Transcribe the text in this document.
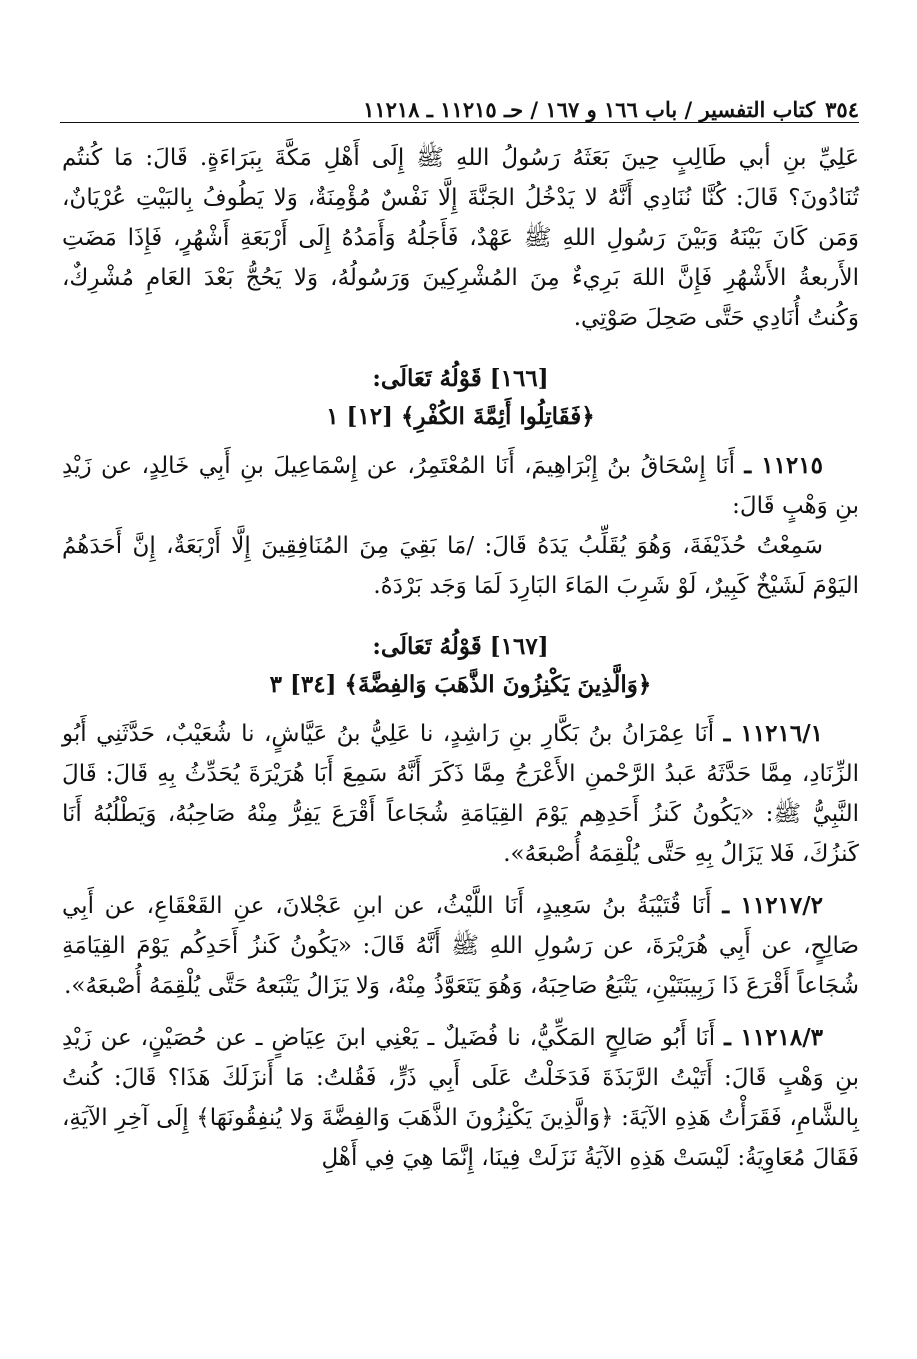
٣٥٤
كتاب التفسير / باب ١٦٦ و ١٦٧ / حـ ١١٢١٥ ـ ١١٢١٨

عَلِيِّ بنِ أبي طَالِبٍ حِينَ بَعَثَهُ رَسُولُ اللهِ ﷺ إِلَى أَهْلِ مَكَّةَ بِبَرَاءَةٍ. قَالَ: مَا كُنتُم تُنَادُونَ؟ قَالَ: كُنَّا نُنَادِي أَنَّهُ لا يَدْخُلُ الجَنَّةَ إِلَّا نَفْسٌ مُؤْمِنَةٌ، وَلا يَطُوفُ بِالبَيْتِ عُرْيَانٌ، وَمَن كَانَ بَيْنَهُ وَبَيْنَ رَسُولِ اللهِ ﷺ عَهْدٌ، فَأَجَلُهُ وَأَمَدُهُ إِلَى أَرْبَعَةِ أَشْهُرٍ، فَإِذَا مَضَتِ الأَربعةُ الأَشْهُرِ فَإِنَّ اللهَ بَرِيءٌ مِنَ المُشْرِكِينَ وَرَسُولُهُ، وَلا يَحُجُّ بَعْدَ العَامِ مُشْرِكٌ، وَكُنتُ أُنَادِي حَتَّى صَحِلَ صَوْتِي.

[١٦٦] قَوْلُهُ تَعَالَى:
﴿فَقَاتِلُوا أَئِمَّةَ الكُفْرِ﴾ [١٢] ١

١١٢١٥ ـ أَنَا إِسْحَاقُ بنُ إِبْرَاهِيمَ، أَنَا المُعْتَمِرُ، عن إِسْمَاعِيلَ بنِ أَبِي خَالِدٍ، عن زَيْدِ بنِ وَهْبٍ قَالَ:

سَمِعْتُ حُذَيْفَةَ، وَهُوَ يُقَلِّبُ يَدَهُ قَالَ: /مَا بَقِيَ مِنَ المُنَافِقِينَ إِلَّا أَرْبَعَةٌ، إِنَّ أَحَدَهُمُ اليَوْمَ لَشَيْخٌ كَبِيرٌ، لَوْ شَرِبَ المَاءَ البَارِدَ لَمَا وَجَد بَرْدَهُ.

[١٦٧] قَوْلُهُ تَعَالَى:
﴿وَالَّذِينَ يَكْنِزُونَ الذَّهَبَ وَالفِضَّةَ﴾ [٣٤] ٣

١١٢١٦/١ ـ أَنَا عِمْرَانُ بنُ بَكَّارِ بنِ رَاشِدٍ، نا عَلِيُّ بنُ عَيَّاشٍ، نا شُعَيْبٌ، حَدَّثَنِي أَبُو الزِّنَادِ، مِمَّا حَدَّثَهُ عَبدُ الرَّحْمنِ الأَعْرَجُ مِمَّا ذَكَرَ أَنَّهُ سَمِعَ أَبَا هُرَيْرَةَ يُحَدِّثُ بِهِ قَالَ: قَالَ النَّبِيُّ ﷺ: «يَكُونُ كَنزُ أَحَدِهِم يَوْمَ القِيَامَةِ شُجَاعاً أَقْرَعَ يَفِرُّ مِنْهُ صَاحِبُهُ، وَيَطْلُبُهُ أَنَا كَنزُكَ، فَلا يَزَالُ بِهِ حَتَّى يُلْقِمَهُ أُصْبعَهُ».

١١٢١٧/٢ ـ أَنَا قُتَيْبَةُ بنُ سَعِيدٍ، أَنَا اللَّيْثُ، عن ابنِ عَجْلانَ، عنِ القَعْقَاعِ، عن أَبِي صَالِحٍ، عن أَبِي هُرَيْرَةَ، عن رَسُولِ اللهِ ﷺ أَنَّهُ قَالَ: «يَكُونُ كَنزُ أَحَدِكُم يَوْمَ القِيَامَةِ شُجَاعاً أَقْرَعَ ذَا زَبِيبَتَيْنِ، يَتْبَعُ صَاحِبَهُ، وَهُوَ يَتَعَوَّذُ مِنْهُ، وَلا يَزَالُ يَتْبَعهُ حَتَّى يُلْقِمَهُ أُصْبعَهُ».

١١٢١٨/٣ ـ أَنَا أَبُو صَالِحٍ المَكِّيُّ، نا فُضَيلٌ ـ يَعْنِي ابنَ عِيَاضٍ ـ عن حُصَيْنٍ، عن زَيْدِ بنِ وَهْبٍ قَالَ: أَتَيْتُ الرَّبَذَةَ فَدَخَلْتُ عَلَى أَبِي ذَرٍّ، فَقُلتُ: مَا أَنزَلَكَ هَذَا؟ قَالَ: كُنتُ بِالشَّامِ، فَقَرَأْتُ هَذِهِ الآيَةَ: ﴿وَالَّذِينَ يَكْنِزُونَ الذَّهَبَ وَالفِضَّةَ وَلا يُنفِقُونَهَا﴾ إِلَى آخِرِ الآيَةِ، فَقَالَ مُعَاوِيَةُ: لَيْسَتْ هَذِهِ الآيَةُ نَزَلَتْ فِينَا، إِنَّمَا هِيَ فِي أَهْلِ
